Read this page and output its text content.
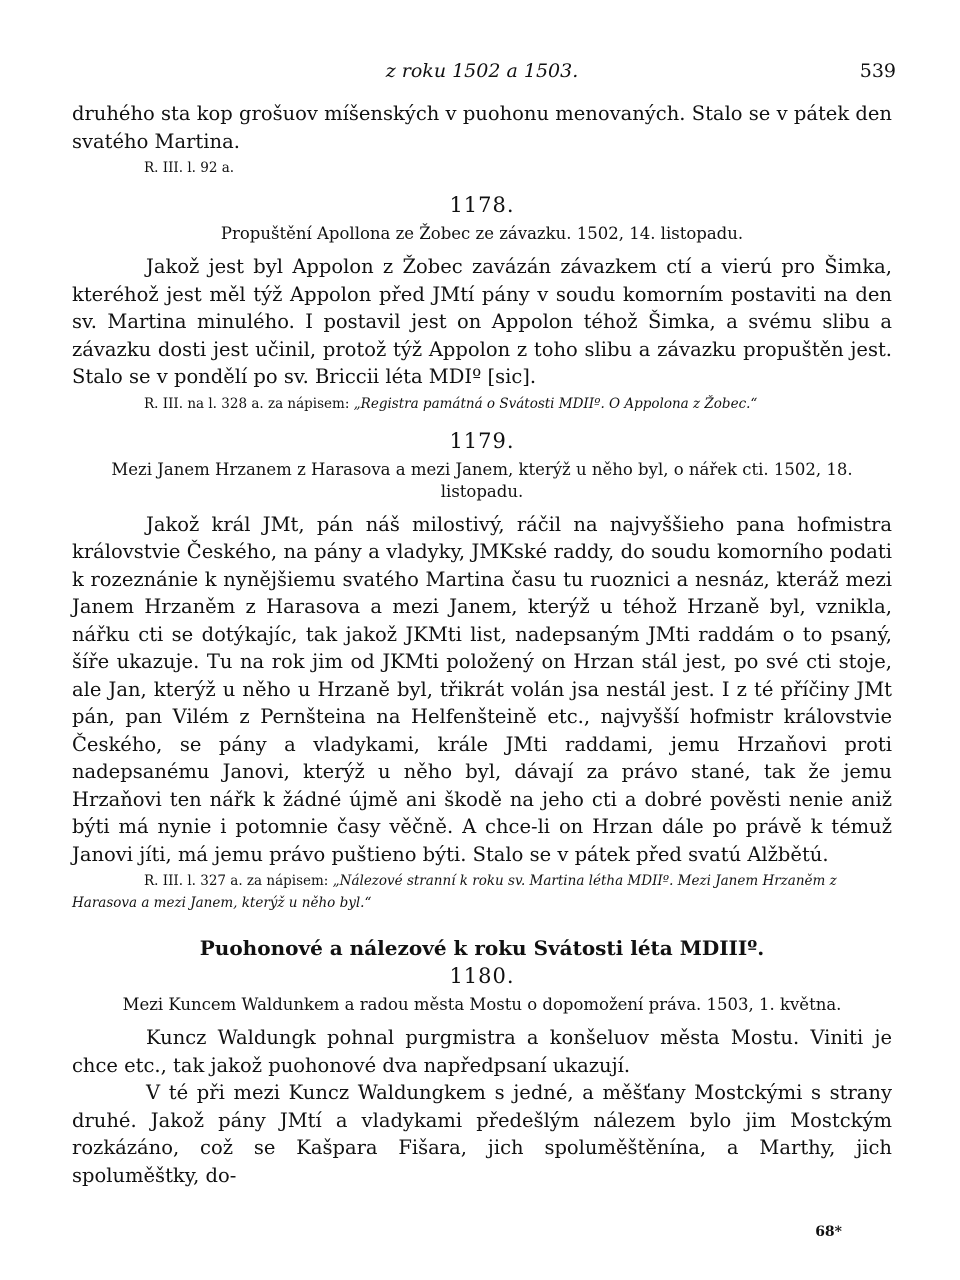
z roku 1502 a 1503.	539

druhého sta kop grošuov míšenských v puohonu menovaných. Stalo se v pátek den svatého Martina.

R. III. l. 92 a.

1178.
Propuštění Apollona ze Žobec ze závazku. 1502, 14. listopadu.

Jakož jest byl Appolon z Žobec zavázán závazkem ctí a vierú pro Šimka, kteréhož jest měl týž Appolon před JMtí pány v soudu komorním postaviti na den sv. Martina minulého. I postavil jest on Appolon téhož Šimka, a svému slibu a závazku dosti jest učinil, protož týž Appolon z toho slibu a závazku propuštěn jest. Stalo se v pondělí po sv. Briccii léta MDIº [sic].

R. III. na l. 328 a. za nápisem: „Registra památná o Svátosti MDIIº. O Appolona z Žobec.“

1179.
Mezi Janem Hrzanem z Harasova a mezi Janem, kterýž u něho byl, o nářek cti. 1502, 18. listopadu.

Jakož král JMt, pán náš milostivý, ráčil na najvyššieho pana hofmistra královstvie Českého, na pány a vladyky, JMKské raddy, do soudu komorního podati k rozeznánie k nynějšiemu svatého Martina času tu ruoznici a nesnáz, kteráž mezi Janem Hrzaněm z Harasova a mezi Janem, kterýž u téhož Hrzaně byl, vznikla, nářku cti se dotýkajíc, tak jakož JKMti list, nadepsaným JMti raddám o to psaný, šíře ukazuje. Tu na rok jim od JKMti položený on Hrzan stál jest, po své cti stoje, ale Jan, kterýž u něho u Hrzaně byl, třikrát volán jsa nestál jest. I z té příčiny JMt pán, pan Vilém z Pernšteina na Helfenšteině etc., najvyšší hofmistr královstvie Českého, se pány a vladykami, krále JMti raddami, jemu Hrzaňovi proti nadepsanému Janovi, kterýž u něho byl, dávají za právo stané, tak že jemu Hrzaňovi ten nářk k žádné újmě ani škodě na jeho cti a dobré pověsti nenie aniž býti má nynie i potomnie časy věčně. A chce-li on Hrzan dále po právě k témuž Janovi jíti, má jemu právo puštieno býti. Stalo se v pátek před svatú Alžbětú.

R. III. l. 327 a. za nápisem: „Nálezové stranní k roku sv. Martina létha MDIIº. Mezi Janem Hrzaněm z Harasova a mezi Janem, kterýž u něho byl.“

Puohonové a nálezové k roku Svátosti léta MDIIIº.
1180.
Mezi Kuncem Waldunkem a radou města Mostu o dopomožení práva. 1503, 1. května.

Kuncz Waldungk pohnal purgmistra a konšeluov města Mostu. Viniti je chce etc., tak jakož puohonové dva napředpsaní ukazují.

V té při mezi Kuncz Waldungkem s jedné, a měšťany Mostckými s strany druhé. Jakož pány JMtí a vladykami předešlým nálezem bylo jim Mostckým rozkázáno, což se Kašpara Fišara, jich spoluměštěnína, a Marthy, jich spoluměštky, do-

68*
